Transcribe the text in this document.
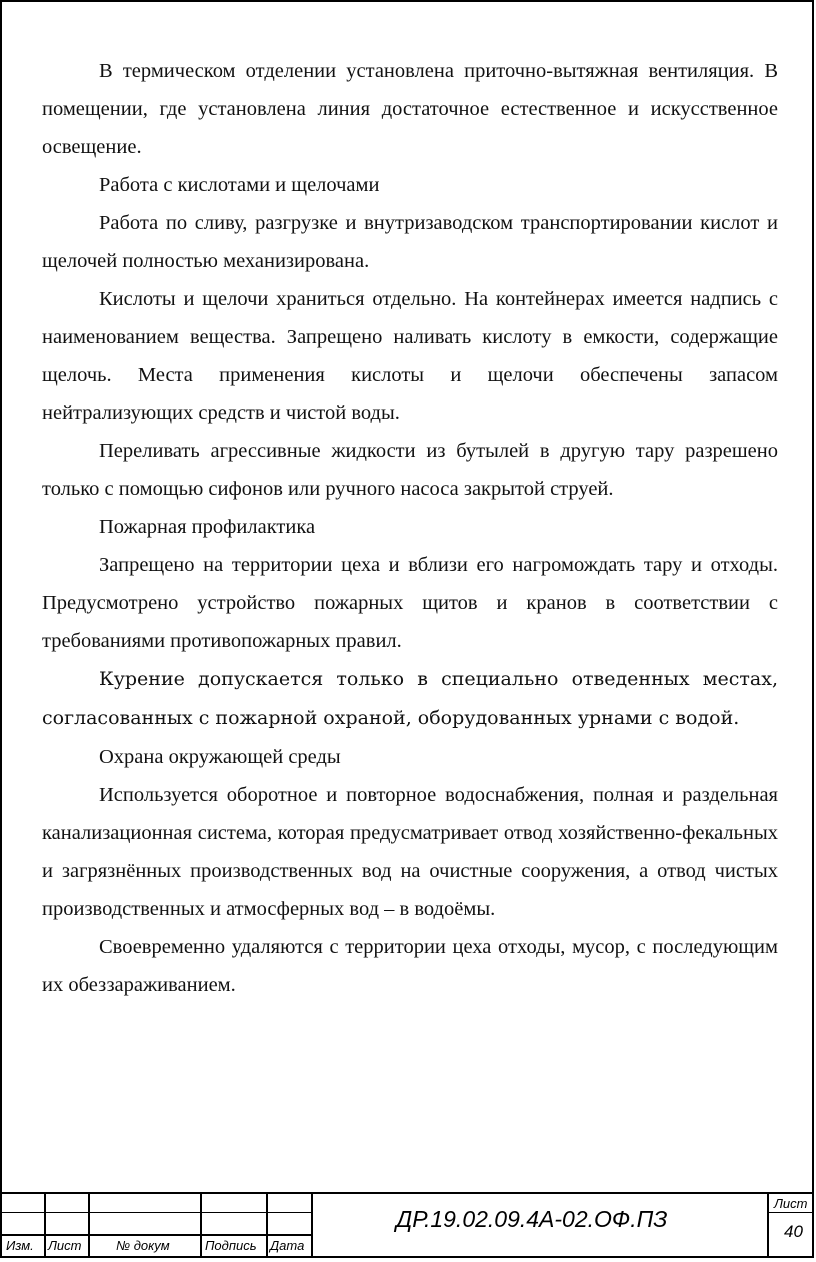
В термическом отделении установлена приточно-вытяжная вентиляция. В помещении, где установлена линия достаточное естественное и искусственное освещение.

Работа с кислотами и щелочами

Работа по сливу, разгрузке и внутризаводском транспортировании кислот и щелочей полностью механизирована.

Кислоты и щелочи храниться отдельно. На контейнерах имеется надпись с наименованием вещества. Запрещено наливать кислоту в емкости, содержащие щелочь. Места применения кислоты и щелочи обеспечены запасом нейтрализующих средств и чистой воды.

Переливать агрессивные жидкости из бутылей в другую тару разрешено только с помощью сифонов или ручного насоса закрытой струей.

Пожарная профилактика

Запрещено на территории цеха и вблизи его нагромождать тару и отходы. Предусмотрено устройство пожарных щитов и кранов в соответствии с требованиями противопожарных правил.

Курение допускается только в специально отведенных местах, согласованных с пожарной охраной, оборудованных урнами с водой.

Охрана окружающей среды

Используется оборотное и повторное водоснабжения, полная и раздельная канализационная система, которая предусматривает отвод хозяйственно-фекальных и загрязнённых производственных вод на очистные сооружения, а отвод чистых производственных и атмосферных вод – в водоёмы.

Своевременно удаляются с территории цеха отходы, мусор, с последующим их обеззараживанием.

Изм. Лист	№ докум	Подпись Дата
ДР.19.02.09.4А-02.ОФ.ПЗ
Лист
40
